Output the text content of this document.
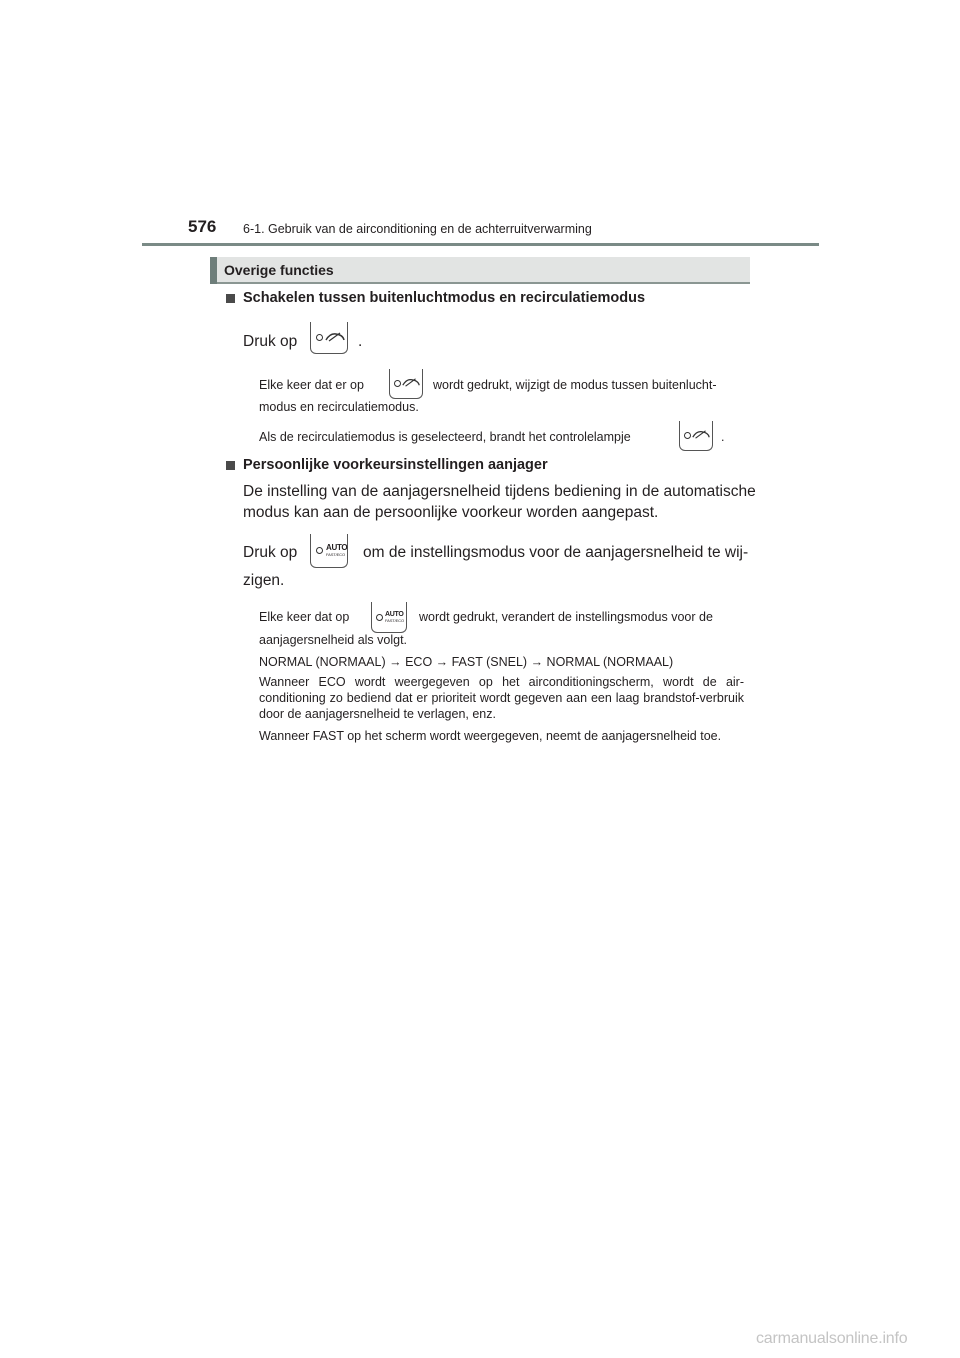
576 6-1. Gebruik van de airconditioning en de achterruitverwarming
Overige functies
Schakelen tussen buitenluchtmodus en recirculatiemodus
Druk op	.
Elke keer dat er op	wordt gedrukt, wijzigt de modus tussen buitenlucht-
modus en recirculatiemodus.
Als de recirculatiemodus is geselecteerd, brandt het controlelampje	.
Persoonlijke voorkeursinstellingen aanjager
De instelling van de aanjagersnelheid tijdens bediening in de automatische
modus kan aan de persoonlijke voorkeur worden aangepast.
Druk op	AUTO
FAST/ECO om de instellingsmodus voor de aanjagersnelheid te wij-
zigen.
Elke keer dat op	AUTO
FAST/ECO wordt gedrukt, verandert de instellingsmodus voor de
aanjagersnelheid als volgt.
NORMAL (NORMAAL) → ECO → FAST (SNEL) → NORMAL (NORMAAL)
Wanneer ECO wordt weergegeven op het airconditioningscherm, wordt de air-conditioning zo bediend dat er prioriteit wordt gegeven aan een laag brandstof-verbruik door de aanjagersnelheid te verlagen, enz.
Wanneer FAST op het scherm wordt weergegeven, neemt de aanjagersnelheid toe.
carmanualsonline.info
